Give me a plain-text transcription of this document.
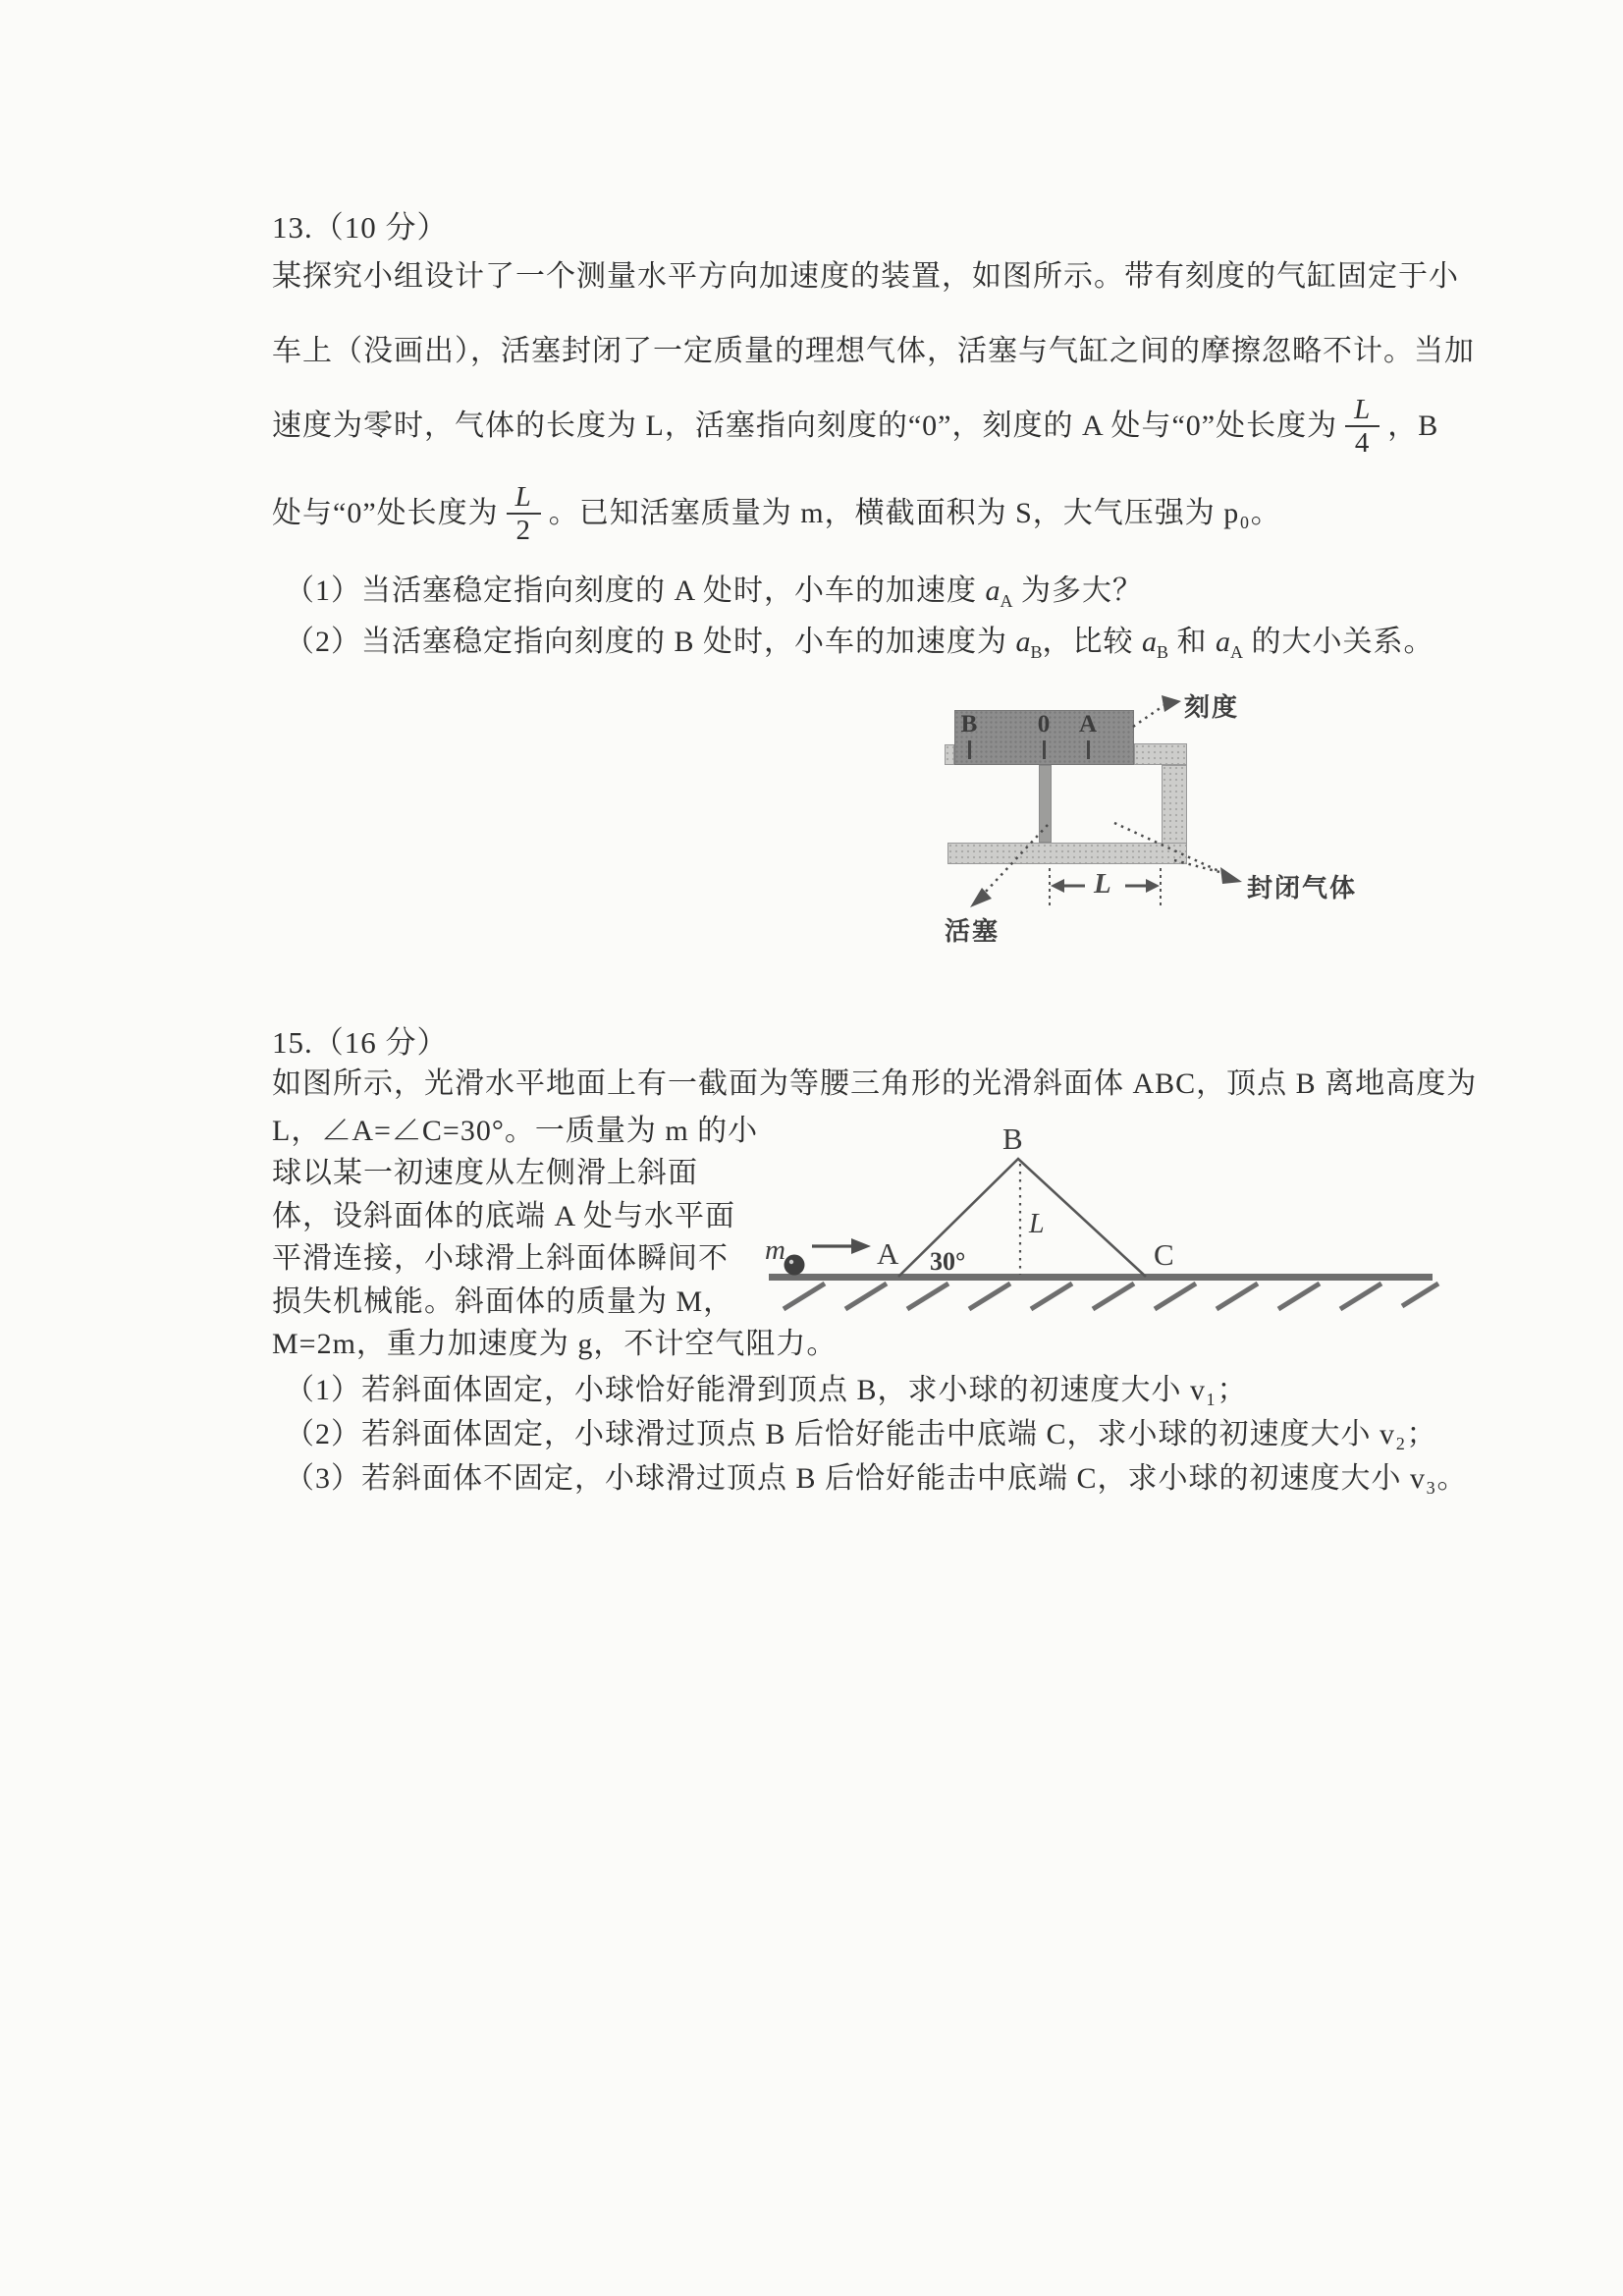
13.（10 分）
某探究小组设计了一个测量水平方向加速度的装置，如图所示。带有刻度的气缸固定于小
车上（没画出），活塞封闭了一定质量的理想气体，活塞与气缸之间的摩擦忽略不计。当加
速度为零时，气体的长度为 L，活塞指向刻度的“0”，刻度的 A 处与“0”处长度为 $\frac{L}{4}$ ，B
处与“0”处长度为 $\frac{L}{2}$ 。已知活塞质量为 m，横截面积为 S，大气压强为 p₀。
（1）当活塞稳定指向刻度的 A 处时，小车的加速度 $a_A$ 为多大？
（2）当活塞稳定指向刻度的 B 处时，小车的加速度为 $a_B$，比较 $a_B$ 和 $a_A$ 的大小关系。
B 0 A
刻度
活塞
封闭气体
L
15.（16 分）
如图所示，光滑水平地面上有一截面为等腰三角形的光滑斜面体 ABC，顶点 B 离地高度为
L，∠A=∠C=30°。一质量为 m 的小
球以某一初速度从左侧滑上斜面
体，设斜面体的底端 A 处与水平面
平滑连接，小球滑上斜面体瞬间不
损失机械能。斜面体的质量为 M，
M=2m，重力加速度为 g，不计空气阻力。
m	A
B
C
30°
L
（1）若斜面体固定，小球恰好能滑到顶点 B，求小球的初速度大小 v₁；
（2）若斜面体固定，小球滑过顶点 B 后恰好能击中底端 C，求小球的初速度大小 v₂；
（3）若斜面体不固定，小球滑过顶点 B 后恰好能击中底端 C，求小球的初速度大小 v₃。
